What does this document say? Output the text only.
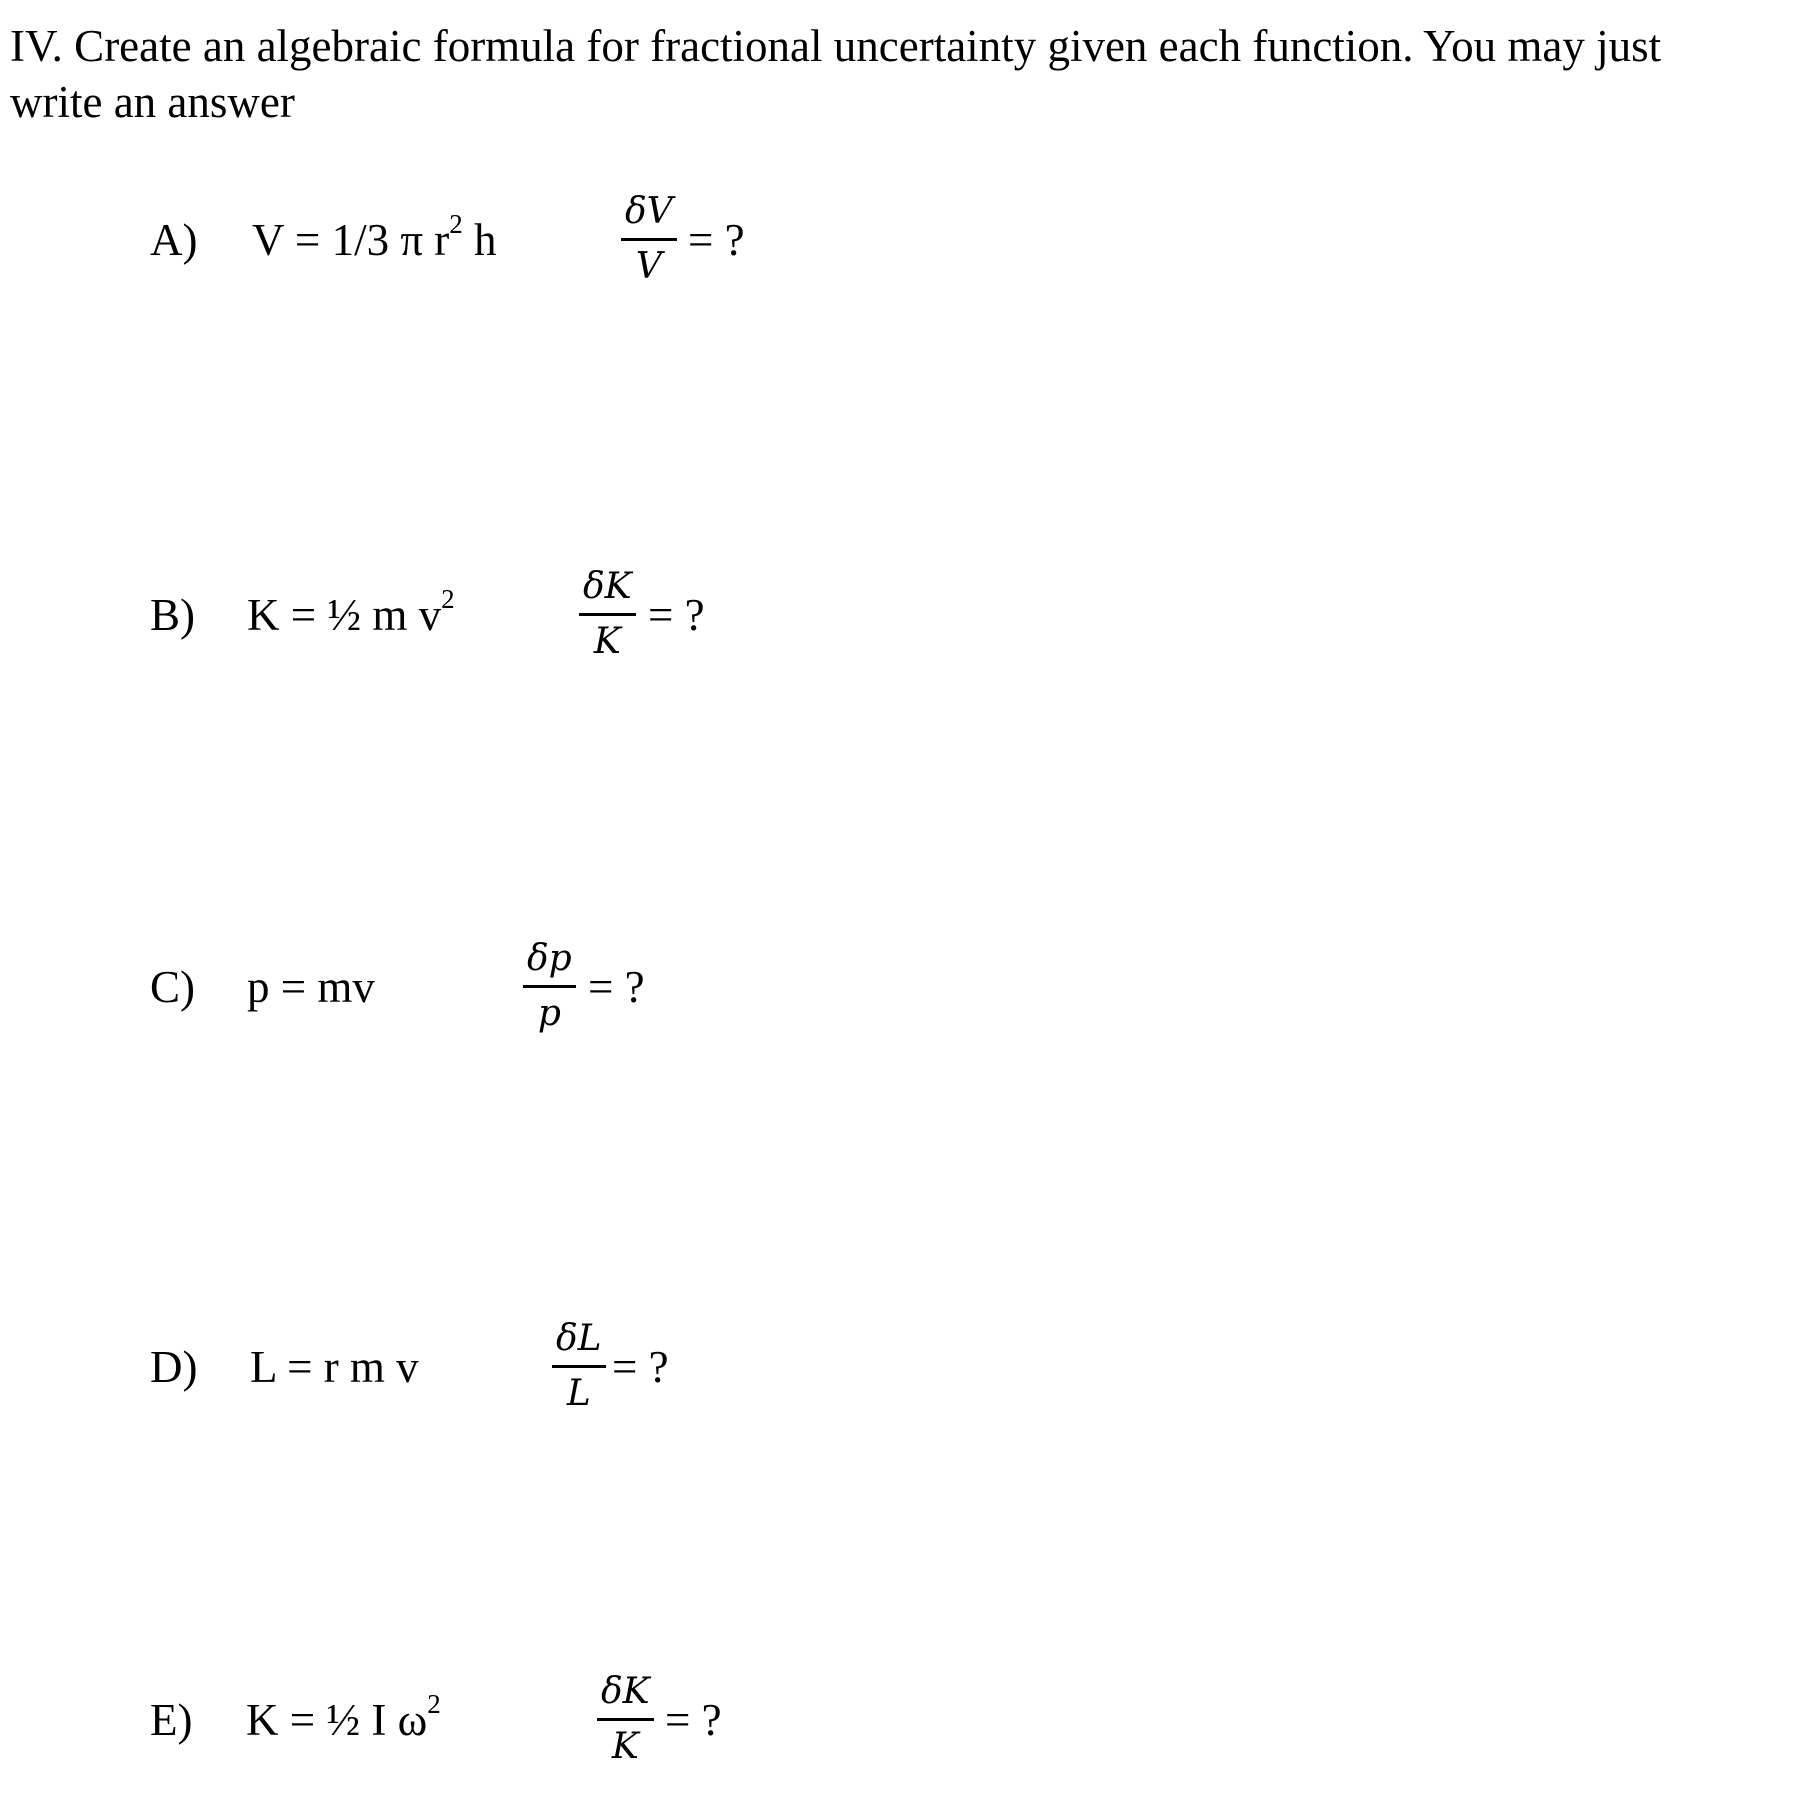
IV. Create an algebraic formula for fractional uncertainty given each function. You may just
write an answer
A) V = 1/3 π $r^2$ h
δV
V
= ?
B) K = ½ m $v^2$	δK
K
= ?
C) p = mv
δp
p
= ?
D) L = r m v
δL
L
= ?
E) K = ½ I $\omega^2$	δK
K
= ?
